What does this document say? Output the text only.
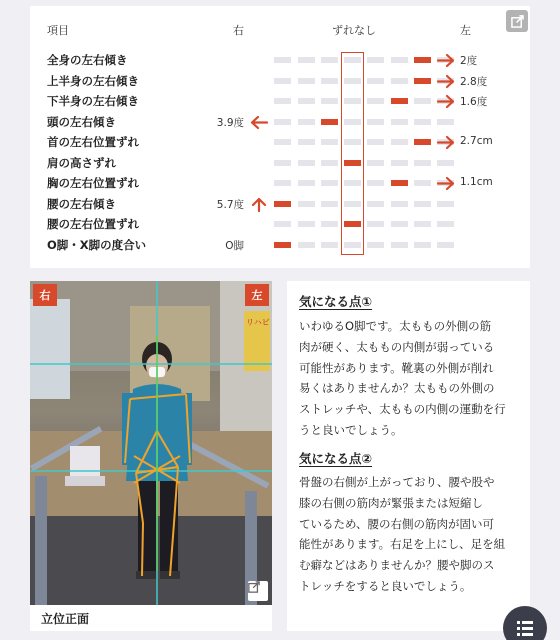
項目	右	ずれなし	左
全身の左右傾き	2度
上半身の左右傾き	2.8度
下半身の左右傾き	1.6度
頭の左右傾き	3.9度
首の左右位置ずれ	2.7cm
肩の高さずれ
胸の左右位置ずれ	1.1cm
腰の左右傾き	5.7度
腰の左右位置ずれ
O脚・X脚の度合い	O脚
リハビ
右	左
立位正面
気になる点①
いわゆるO脚です。太ももの外側の筋
肉が硬く、太ももの内側が弱っている
可能性があります。靴裏の外側が削れ
易くはありませんか？太ももの外側の
ストレッチや、太ももの内側の運動を行
うと良いでしょう。
気になる点②
骨盤の右側が上がっており、腰や股や
膝の右側の筋肉が緊張または短縮し
ているため、腰の右側の筋肉が固い可
能性があります。右足を上にし、足を組
む癖などはありませんか？腰や脚のス
トレッチをすると良いでしょう。
